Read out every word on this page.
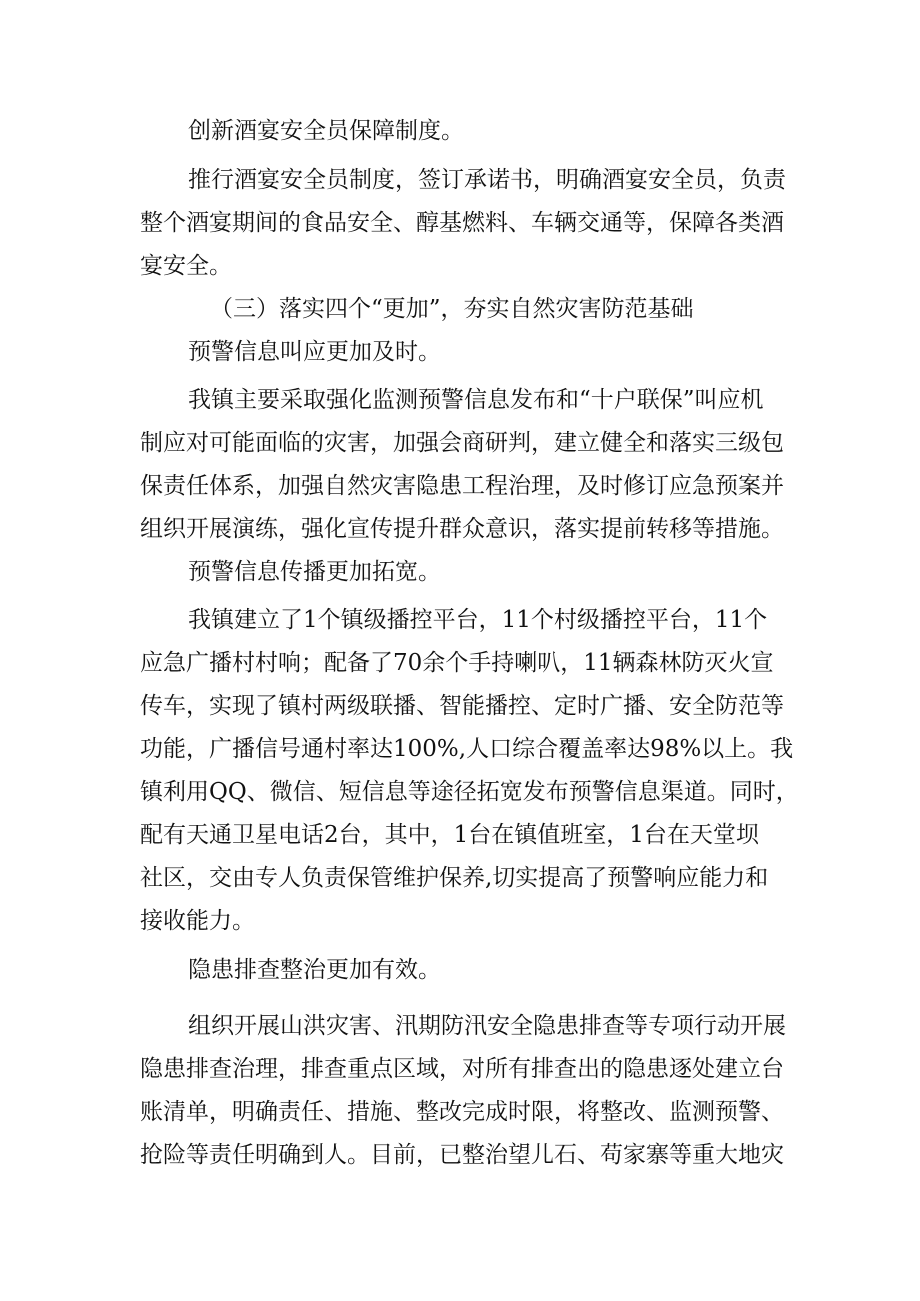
创新酒宴安全员保障制度。

推行酒宴安全员制度，签订承诺书，明确酒宴安全员，负责

整个酒宴期间的食品安全、醇基燃料、车辆交通等，保障各类酒

宴安全。

（三）落实四个“更加”，夯实自然灾害防范基础

预警信息叫应更加及时。

我镇主要采取强化监测预警信息发布和“十户联保”叫应机

制应对可能面临的灾害，加强会商研判，建立健全和落实三级包

保责任体系，加强自然灾害隐患工程治理，及时修订应急预案并

组织开展演练，强化宣传提升群众意识，落实提前转移等措施。

预警信息传播更加拓宽。

我镇建立了1个镇级播控平台，11个村级播控平台，11个

应急广播村村响；配备了70余个手持喇叭，11辆森林防灭火宣

传车，实现了镇村两级联播、智能播控、定时广播、安全防范等

功能，广播信号通村率达100%,人口综合覆盖率达98%以上。我

镇利用QQ、微信、短信息等途径拓宽发布预警信息渠道。同时，

配有天通卫星电话2台，其中，1台在镇值班室，1台在天堂坝

社区，交由专人负责保管维护保养,切实提高了预警响应能力和

接收能力。

隐患排查整治更加有效。

组织开展山洪灾害、汛期防汛安全隐患排查等专项行动开展

隐患排查治理，排查重点区域，对所有排查出的隐患逐处建立台

账清单，明确责任、措施、整改完成时限，将整改、监测预警、

抢险等责任明确到人。目前，已整治望儿石、苟家寨等重大地灾
